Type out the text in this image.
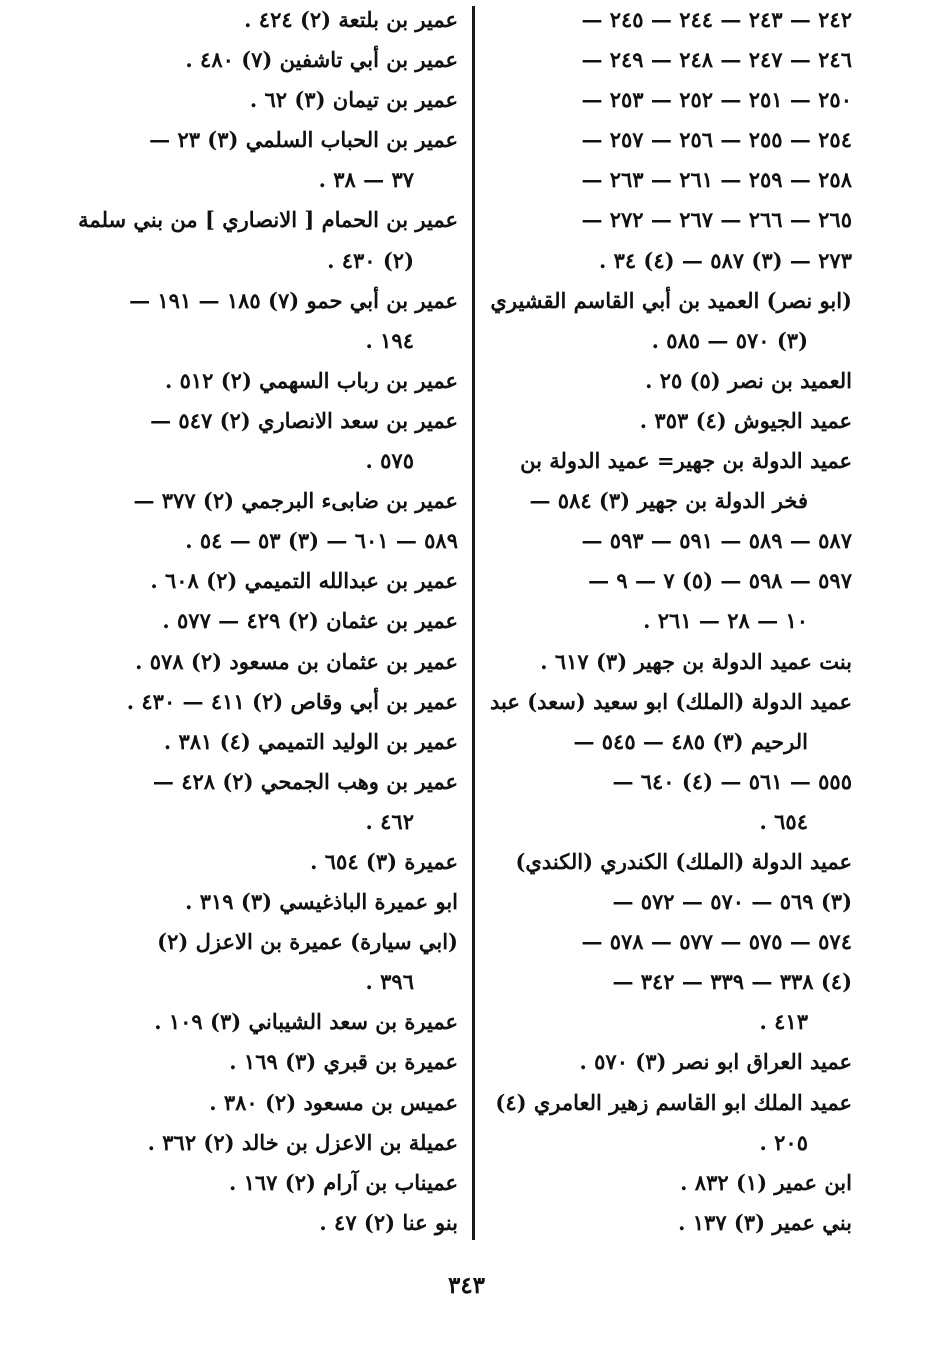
٢٤٢ — ٢٤٣ — ٢٤٤ — ٢٤٥ —
٢٤٦ — ٢٤٧ — ٢٤٨ — ٢٤٩ —
٢٥٠ — ٢٥١ — ٢٥٢ — ٢٥٣ —
٢٥٤ — ٢٥٥ — ٢٥٦ — ٢٥٧ —
٢٥٨ — ٢٥٩ — ٢٦١ — ٢٦٣ —
٢٦٥ — ٢٦٦ — ٢٦٧ — ٢٧٢ —
٢٧٣ — (٣) ٥٨٧ — (٤) ٣٤ .
(ابو نصر) العميد بن أبي القاسم القشيري
(٣) ٥٧٠ — ٥٨٥ .
العميد بن نصر (٥) ٢٥ .
عميد الجيوش (٤) ٣٥٣ .
عميد الدولة بن جهير= عميد الدولة بن
فخر الدولة بن جهير (٣) ٥٨٤ —
٥٨٧ — ٥٨٩ — ٥٩١ — ٥٩٣ —
٥٩٧ — ٥٩٨ — (٥) ٧ — ٩ —
١٠ — ٢٨ — ٢٦١ .
بنت عميد الدولة بن جهير (٣) ٦١٧ .
عميد الدولة (الملك) ابو سعيد (سعد) عبد
الرحيم (٣) ٤٨٥ — ٥٤٥ —
٥٥٥ — ٥٦١ — (٤) ٦٤٠ —
٦٥٤ .
عميد الدولة (الملك) الكندري (الكندي)
(٣) ٥٦٩ — ٥٧٠ — ٥٧٢ —
٥٧٤ — ٥٧٥ — ٥٧٧ — ٥٧٨ —
(٤) ٣٣٨ — ٣٣٩ — ٣٤٢ —
٤١٣ .
عميد العراق ابو نصر (٣) ٥٧٠ .
عميد الملك ابو القاسم زهير العامري (٤)
٢٠٥ .
ابن عمير (١) ٨٣٢ .
بني عمير (٣) ١٣٧ .
عمير بن بلتعة (٢) ٤٢٤ .
عمير بن أبي تاشفين (٧) ٤٨٠ .
عمير بن تيمان (٣) ٦٢ .
عمير بن الحباب السلمي (٣) ٢٣ —
٣٧ — ٣٨ .
عمير بن الحمام [ الانصاري ] من بني سلمة
(٢) ٤٣٠ .
عمير بن أبي حمو (٧) ١٨٥ — ١٩١ —
١٩٤ .
عمير بن رباب السهمي (٢) ٥١٢ .
عمير بن سعد الانصاري (٢) ٥٤٧ —
٥٧٥ .
عمير بن ضابىء البرجمي (٢) ٣٧٧ —
٥٨٩ — ٦٠١ — (٣) ٥٣ — ٥٤ .
عمير بن عبدالله التميمي (٢) ٦٠٨ .
عمير بن عثمان (٢) ٤٢٩ — ٥٧٧ .
عمير بن عثمان بن مسعود (٢) ٥٧٨ .
عمير بن أبي وقاص (٢) ٤١١ — ٤٣٠ .
عمير بن الوليد التميمي (٤) ٣٨١ .
عمير بن وهب الجمحي (٢) ٤٢٨ —
٤٦٢ .
عميرة (٣) ٦٥٤ .
ابو عميرة الباذغيسي (٣) ٣١٩ .
(ابي سيارة) عميرة بن الاعزل (٢)
٣٩٦ .
عميرة بن سعد الشيباني (٣) ١٠٩ .
عميرة بن قبري (٣) ١٦٩ .
عميس بن مسعود (٢) ٣٨٠ .
عميلة بن الاعزل بن خالد (٢) ٣٦٢ .
عميناب بن آرام (٢) ١٦٧ .
بنو عنا (٢) ٤٧ .
٣٤٣
